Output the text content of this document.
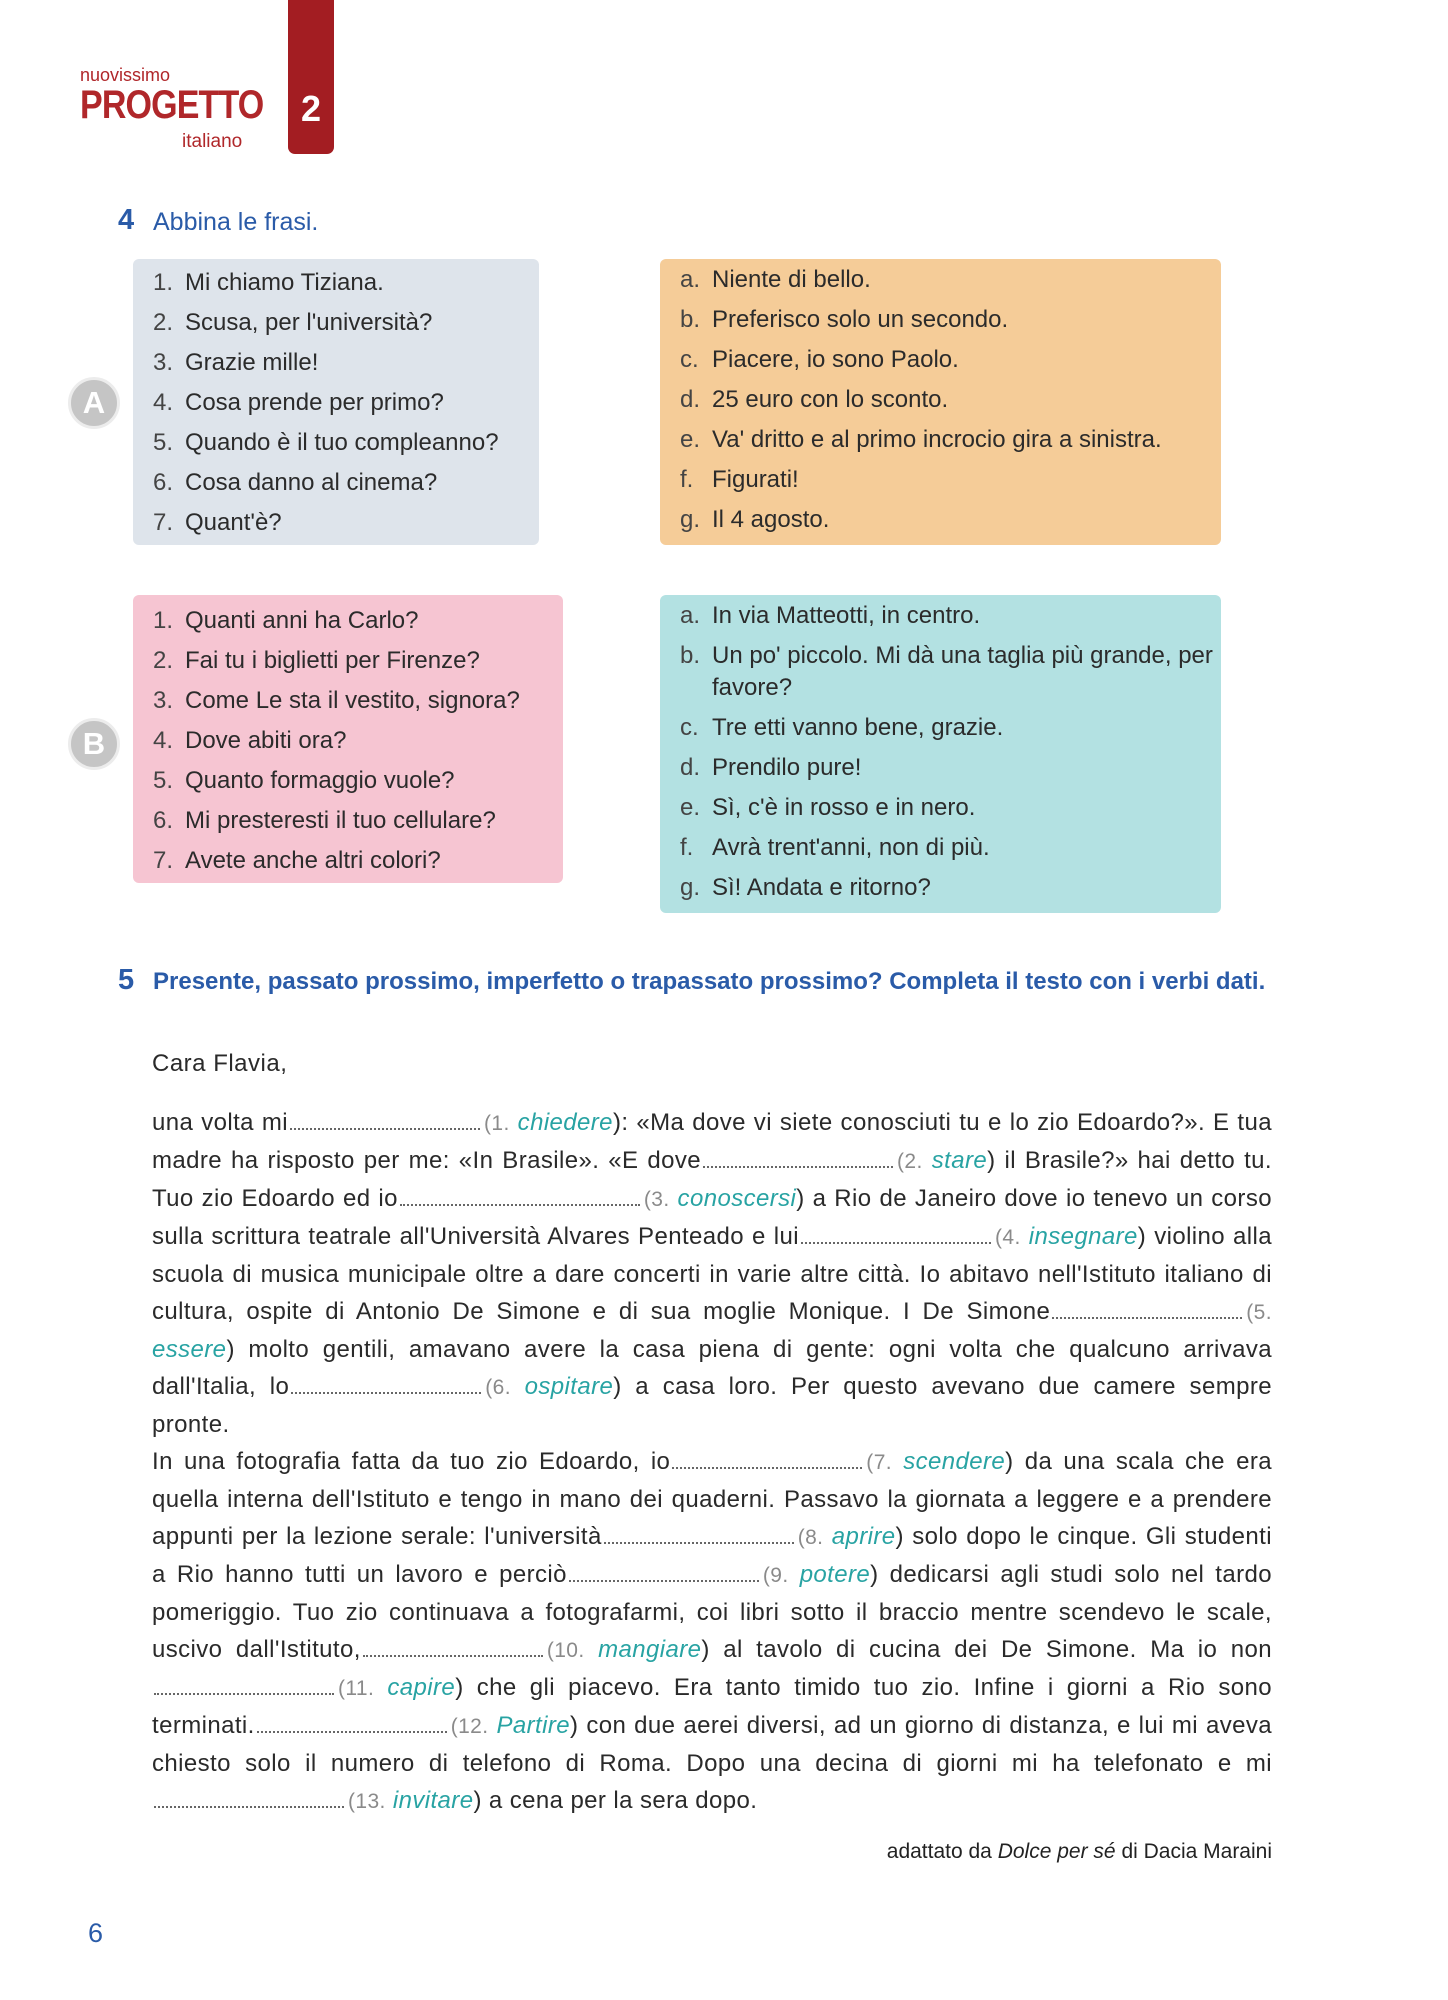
nuovissimo
PROGETTO
italiano
2
4 Abbina le frasi.
A
1. Mi chiamo Tiziana.
2. Scusa, per l'università?
3. Grazie mille!
4. Cosa prende per primo?
5. Quando è il tuo compleanno?
6. Cosa danno al cinema?
7. Quant'è?
a. Niente di bello.
b. Preferisco solo un secondo.
c. Piacere, io sono Paolo.
d. 25 euro con lo sconto.
e. Va' dritto e al primo incrocio gira a sinistra.
f. Figurati!
g. Il 4 agosto.
B
1. Quanti anni ha Carlo?
2. Fai tu i biglietti per Firenze?
3. Come Le sta il vestito, signora?
4. Dove abiti ora?
5. Quanto formaggio vuole?
6. Mi presteresti il tuo cellulare?
7. Avete anche altri colori?
a. In via Matteotti, in centro.
b. Un po' piccolo. Mi dà una taglia più grande, per favore?
c. Tre etti vanno bene, grazie.
d. Prendilo pure!
e. Sì, c'è in rosso e in nero.
f. Avrà trent'anni, non di più.
g. Sì! Andata e ritorno?
5 Presente, passato prossimo, imperfetto o trapassato prossimo? Completa il testo con i verbi dati.
Cara Flavia,
una volta mi	(1. chiedere): «Ma dove vi siete conosciuti tu e lo zio Edoardo?». E tua madre ha risposto per me: «In Brasile». «E dove	(2. stare) il Brasile?» hai detto tu. Tuo zio Edoardo ed io	(3. conoscersi) a Rio de Janeiro dove io tenevo un corso sulla scrittura teatrale all'Università Alvares Penteado e lui	(4. insegnare) violino alla scuola di musica municipale oltre a dare concerti in varie altre città. Io abitavo nell'Istituto italiano di cultura, ospite di Antonio De Simone e di sua moglie Monique. I De Simone	(5. essere) molto gentili, amavano avere la casa piena di gente: ogni volta che qualcuno arrivava dall'Italia, lo	(6. ospitare) a casa loro. Per questo avevano due camere sempre pronte.
In una fotografia fatta da tuo zio Edoardo, io	(7. scendere) da una scala che era quella interna dell'Istituto e tengo in mano dei quaderni. Passavo la giornata a leggere e a prendere appunti per la lezione serale: l'università	(8. aprire) solo dopo le cinque. Gli studenti a Rio hanno tutti un lavoro e perciò	(9. potere) dedicarsi agli studi solo nel tardo pomeriggio. Tuo zio continuava a fotografarmi, coi libri sotto il braccio mentre scendevo le scale, uscivo dall'Istituto,	(10. mangiare) al tavolo di cucina dei De Simone. Ma io non(11. capire) che gli piacevo. Era tanto timido tuo zio. Infine i giorni a Rio sono terminati.	(12. Partire) con due aerei diversi, ad un giorno di distanza, e lui mi aveva chiesto solo il numero di telefono di Roma. Dopo una decina di giorni mi ha telefonato e mi(13. invitare) a cena per la sera dopo.
adattato da Dolce per sé di Dacia Maraini
6
